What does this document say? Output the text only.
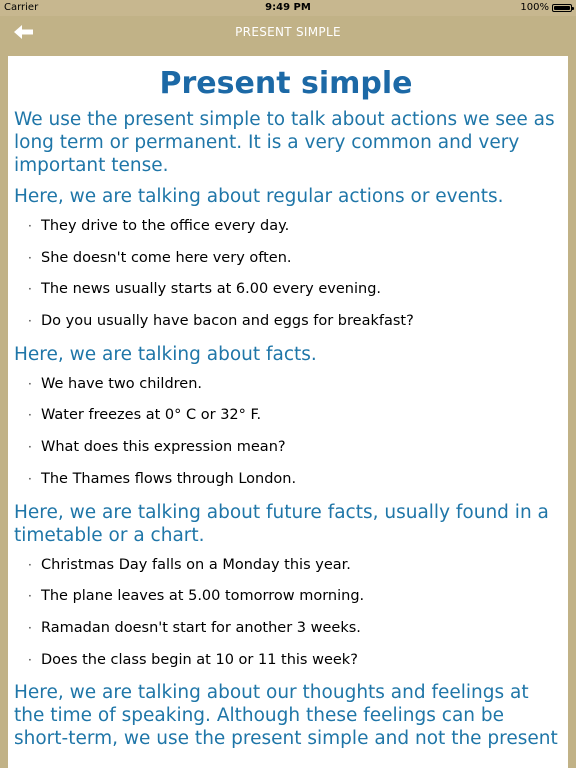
Carrier	9:49 PM	100%
PRESENT SIMPLE
Present simple

We use the present simple to talk about actions we see as long term or permanent. It is a very common and very important tense.

Here, we are talking about regular actions or events.

· They drive to the office every day.
· She doesn't come here very often.
· The news usually starts at 6.00 every evening.
· Do you usually have bacon and eggs for breakfast?

Here, we are talking about facts.

· We have two children.
· Water freezes at 0° C or 32° F.
· What does this expression mean?
· The Thames flows through London.

Here, we are talking about future facts, usually found in a timetable or a chart.

· Christmas Day falls on a Monday this year.
· The plane leaves at 5.00 tomorrow morning.
· Ramadan doesn't start for another 3 weeks.
· Does the class begin at 10 or 11 this week?

Here, we are talking about our thoughts and feelings at the time of speaking. Although these feelings can be short-term, we use the present simple and not the present
